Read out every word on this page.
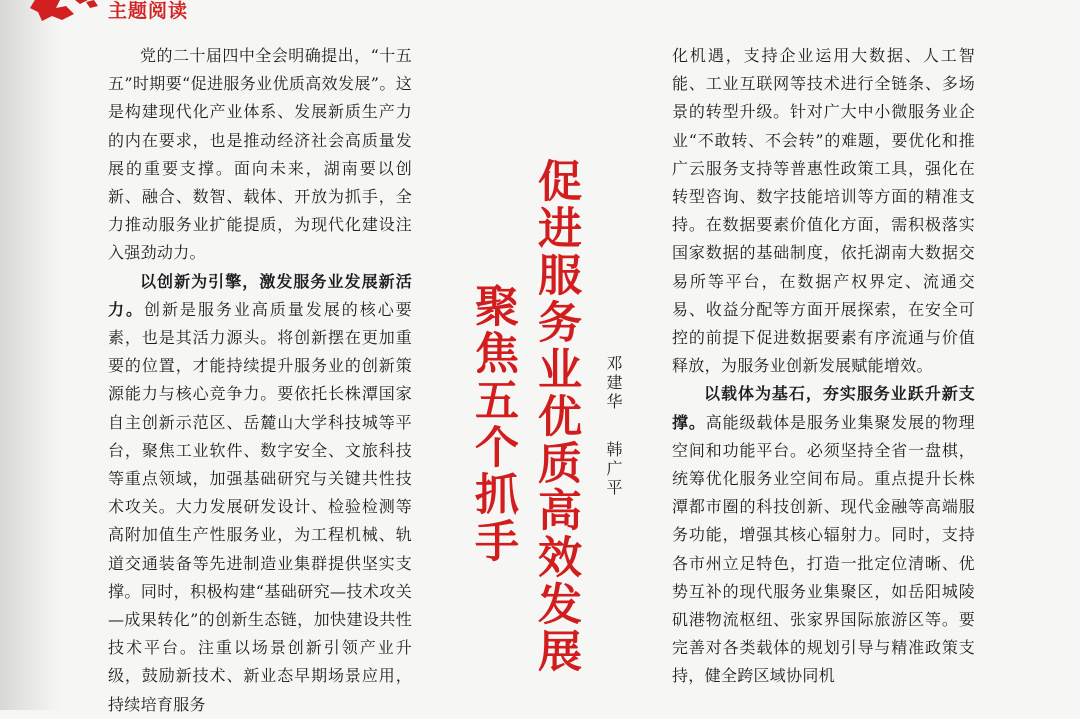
主题阅读

党的二十届四中全会明确提出，“十五五”时期要“促进服务业优质高效发展”。这是构建现代化产业体系、发展新质生产力的内在要求，也是推动经济社会高质量发展的重要支撑。面向未来，湖南要以创新、融合、数智、载体、开放为抓手，全力推动服务业扩能提质，为现代化建设注入强劲动力。

以创新为引擎，激发服务业发展新活力。创新是服务业高质量发展的核心要素，也是其活力源头。将创新摆在更加重要的位置，才能持续提升服务业的创新策源能力与核心竞争力。要依托长株潭国家自主创新示范区、岳麓山大学科技城等平台，聚焦工业软件、数字安全、文旅科技等重点领域，加强基础研究与关键共性技术攻关。大力发展研发设计、检验检测等高附加值生产性服务业，为工程机械、轨道交通装备等先进制造业集群提供坚实支撑。同时，积极构建“基础研究—技术攻关—成果转化”的创新生态链，加快建设共性技术平台。注重以场景创新引领产业升级，鼓励新技术、新业态早期场景应用，持续培育服务

促进服务业优质高效发展
聚焦五个抓手	邓建华
韩广平

化机遇，支持企业运用大数据、人工智能、工业互联网等技术进行全链条、多场景的转型升级。针对广大中小微服务业企业“不敢转、不会转”的难题，要优化和推广云服务支持等普惠性政策工具，强化在转型咨询、数字技能培训等方面的精准支持。在数据要素价值化方面，需积极落实国家数据的基础制度，依托湖南大数据交易所等平台，在数据产权界定、流通交易、收益分配等方面开展探索，在安全可控的前提下促进数据要素有序流通与价值释放，为服务业创新发展赋能增效。

以载体为基石，夯实服务业跃升新支撑。高能级载体是服务业集聚发展的物理空间和功能平台。必须坚持全省一盘棋，统筹优化服务业空间布局。重点提升长株潭都市圈的科技创新、现代金融等高端服务功能，增强其核心辐射力。同时，支持各市州立足特色，打造一批定位清晰、优势互补的现代服务业集聚区，如岳阳城陵矶港物流枢纽、张家界国际旅游区等。要完善对各类载体的规划引导与精准政策支持，健全跨区域协同机
